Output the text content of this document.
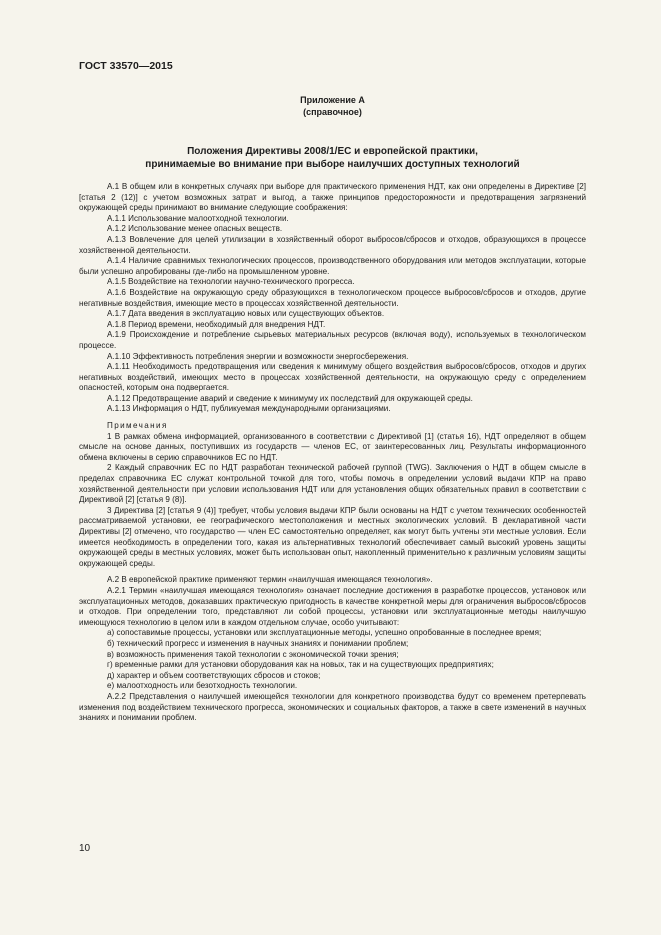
ГОСТ 33570—2015
Приложение А
(справочное)
Положения Директивы 2008/1/ЕС и европейской практики,
принимаемые во внимание при выборе наилучших доступных технологий

А.1 В общем или в конкретных случаях при выборе для практического применения НДТ, как они определены в Директиве [2] [статья 2 (12)] с учетом возможных затрат и выгод, а также принципов предосторожности и предотвращения загрязнений окружающей среды принимают во внимание следующие соображения:

А.1.1 Использование малоотходной технологии.

А.1.2 Использование менее опасных веществ.

А.1.3 Вовлечение для целей утилизации в хозяйственный оборот выбросов/сбросов и отходов, образующихся в процессе хозяйственной деятельности.

А.1.4 Наличие сравнимых технологических процессов, производственного оборудования или методов эксплуатации, которые были успешно апробированы где-либо на промышленном уровне.

А.1.5 Воздействие на технологии научно-технического прогресса.

А.1.6 Воздействие на окружающую среду образующихся в технологическом процессе выбросов/сбросов и отходов, другие негативные воздействия, имеющие место в процессах хозяйственной деятельности.

А.1.7 Дата введения в эксплуатацию новых или существующих объектов.

А.1.8 Период времени, необходимый для внедрения НДТ.

А.1.9 Происхождение и потребление сырьевых материальных ресурсов (включая воду), используемых в технологическом процессе.

А.1.10 Эффективность потребления энергии и возможности энергосбережения.

А.1.11 Необходимость предотвращения или сведения к минимуму общего воздействия выбросов/сбросов, отходов и других негативных воздействий, имеющих место в процессах хозяйственной деятельности, на окружающую среду с определением опасностей, которым она подвергается.

А.1.12 Предотвращение аварий и сведение к минимуму их последствий для окружающей среды.

А.1.13 Информация о НДТ, публикуемая международными организациями.

Примечания

1 В рамках обмена информацией, организованного в соответствии с Директивой [1] (статья 16), НДТ определяют в общем смысле на основе данных, поступивших из государств — членов ЕС, от заинтересованных лиц. Результаты информационного обмена включены в серию справочников ЕС по НДТ.

2 Каждый справочник ЕС по НДТ разработан технической рабочей группой (TWG). Заключения о НДТ в общем смысле в пределах справочника ЕС служат контрольной точкой для того, чтобы помочь в определении условий выдачи КПР на право хозяйственной деятельности при условии использования НДТ или для установления общих обязательных правил в соответствии с Директивой [2] [статья 9 (8)].

3 Директива [2] [статья 9 (4)] требует, чтобы условия выдачи КПР были основаны на НДТ с учетом технических особенностей рассматриваемой установки, ее географического местоположения и местных экологических условий. В декларативной части Директивы [2] отмечено, что государство — член ЕС самостоятельно определяет, как могут быть учтены эти местные условия. Если имеется необходимость в определении того, какая из альтернативных технологий обеспечивает самый высокий уровень защиты окружающей среды в местных условиях, может быть использован опыт, накопленный применительно к различным условиям защиты окружающей среды.

А.2 В европейской практике применяют термин «наилучшая имеющаяся технология».

А.2.1 Термин «наилучшая имеющаяся технология» означает последние достижения в разработке процессов, установок или эксплуатационных методов, доказавших практическую пригодность в качестве конкретной меры для ограничения выбросов/сбросов и отходов. При определении того, представляют ли собой процессы, установки или эксплуатационные методы наилучшую имеющуюся технологию в целом или в каждом отдельном случае, особо учитывают:

а) сопоставимые процессы, установки или эксплуатационные методы, успешно опробованные в последнее время;

б) технический прогресс и изменения в научных знаниях и понимании проблем;

в) возможность применения такой технологии с экономической точки зрения;

г) временные рамки для установки оборудования как на новых, так и на существующих предприятиях;

д) характер и объем соответствующих сбросов и стоков;

е) малоотходность или безотходность технологии.

А.2.2 Представления о наилучшей имеющейся технологии для конкретного производства будут со временем претерпевать изменения под воздействием технического прогресса, экономических и социальных факторов, а также в свете изменений в научных знаниях и понимании проблем.

10
